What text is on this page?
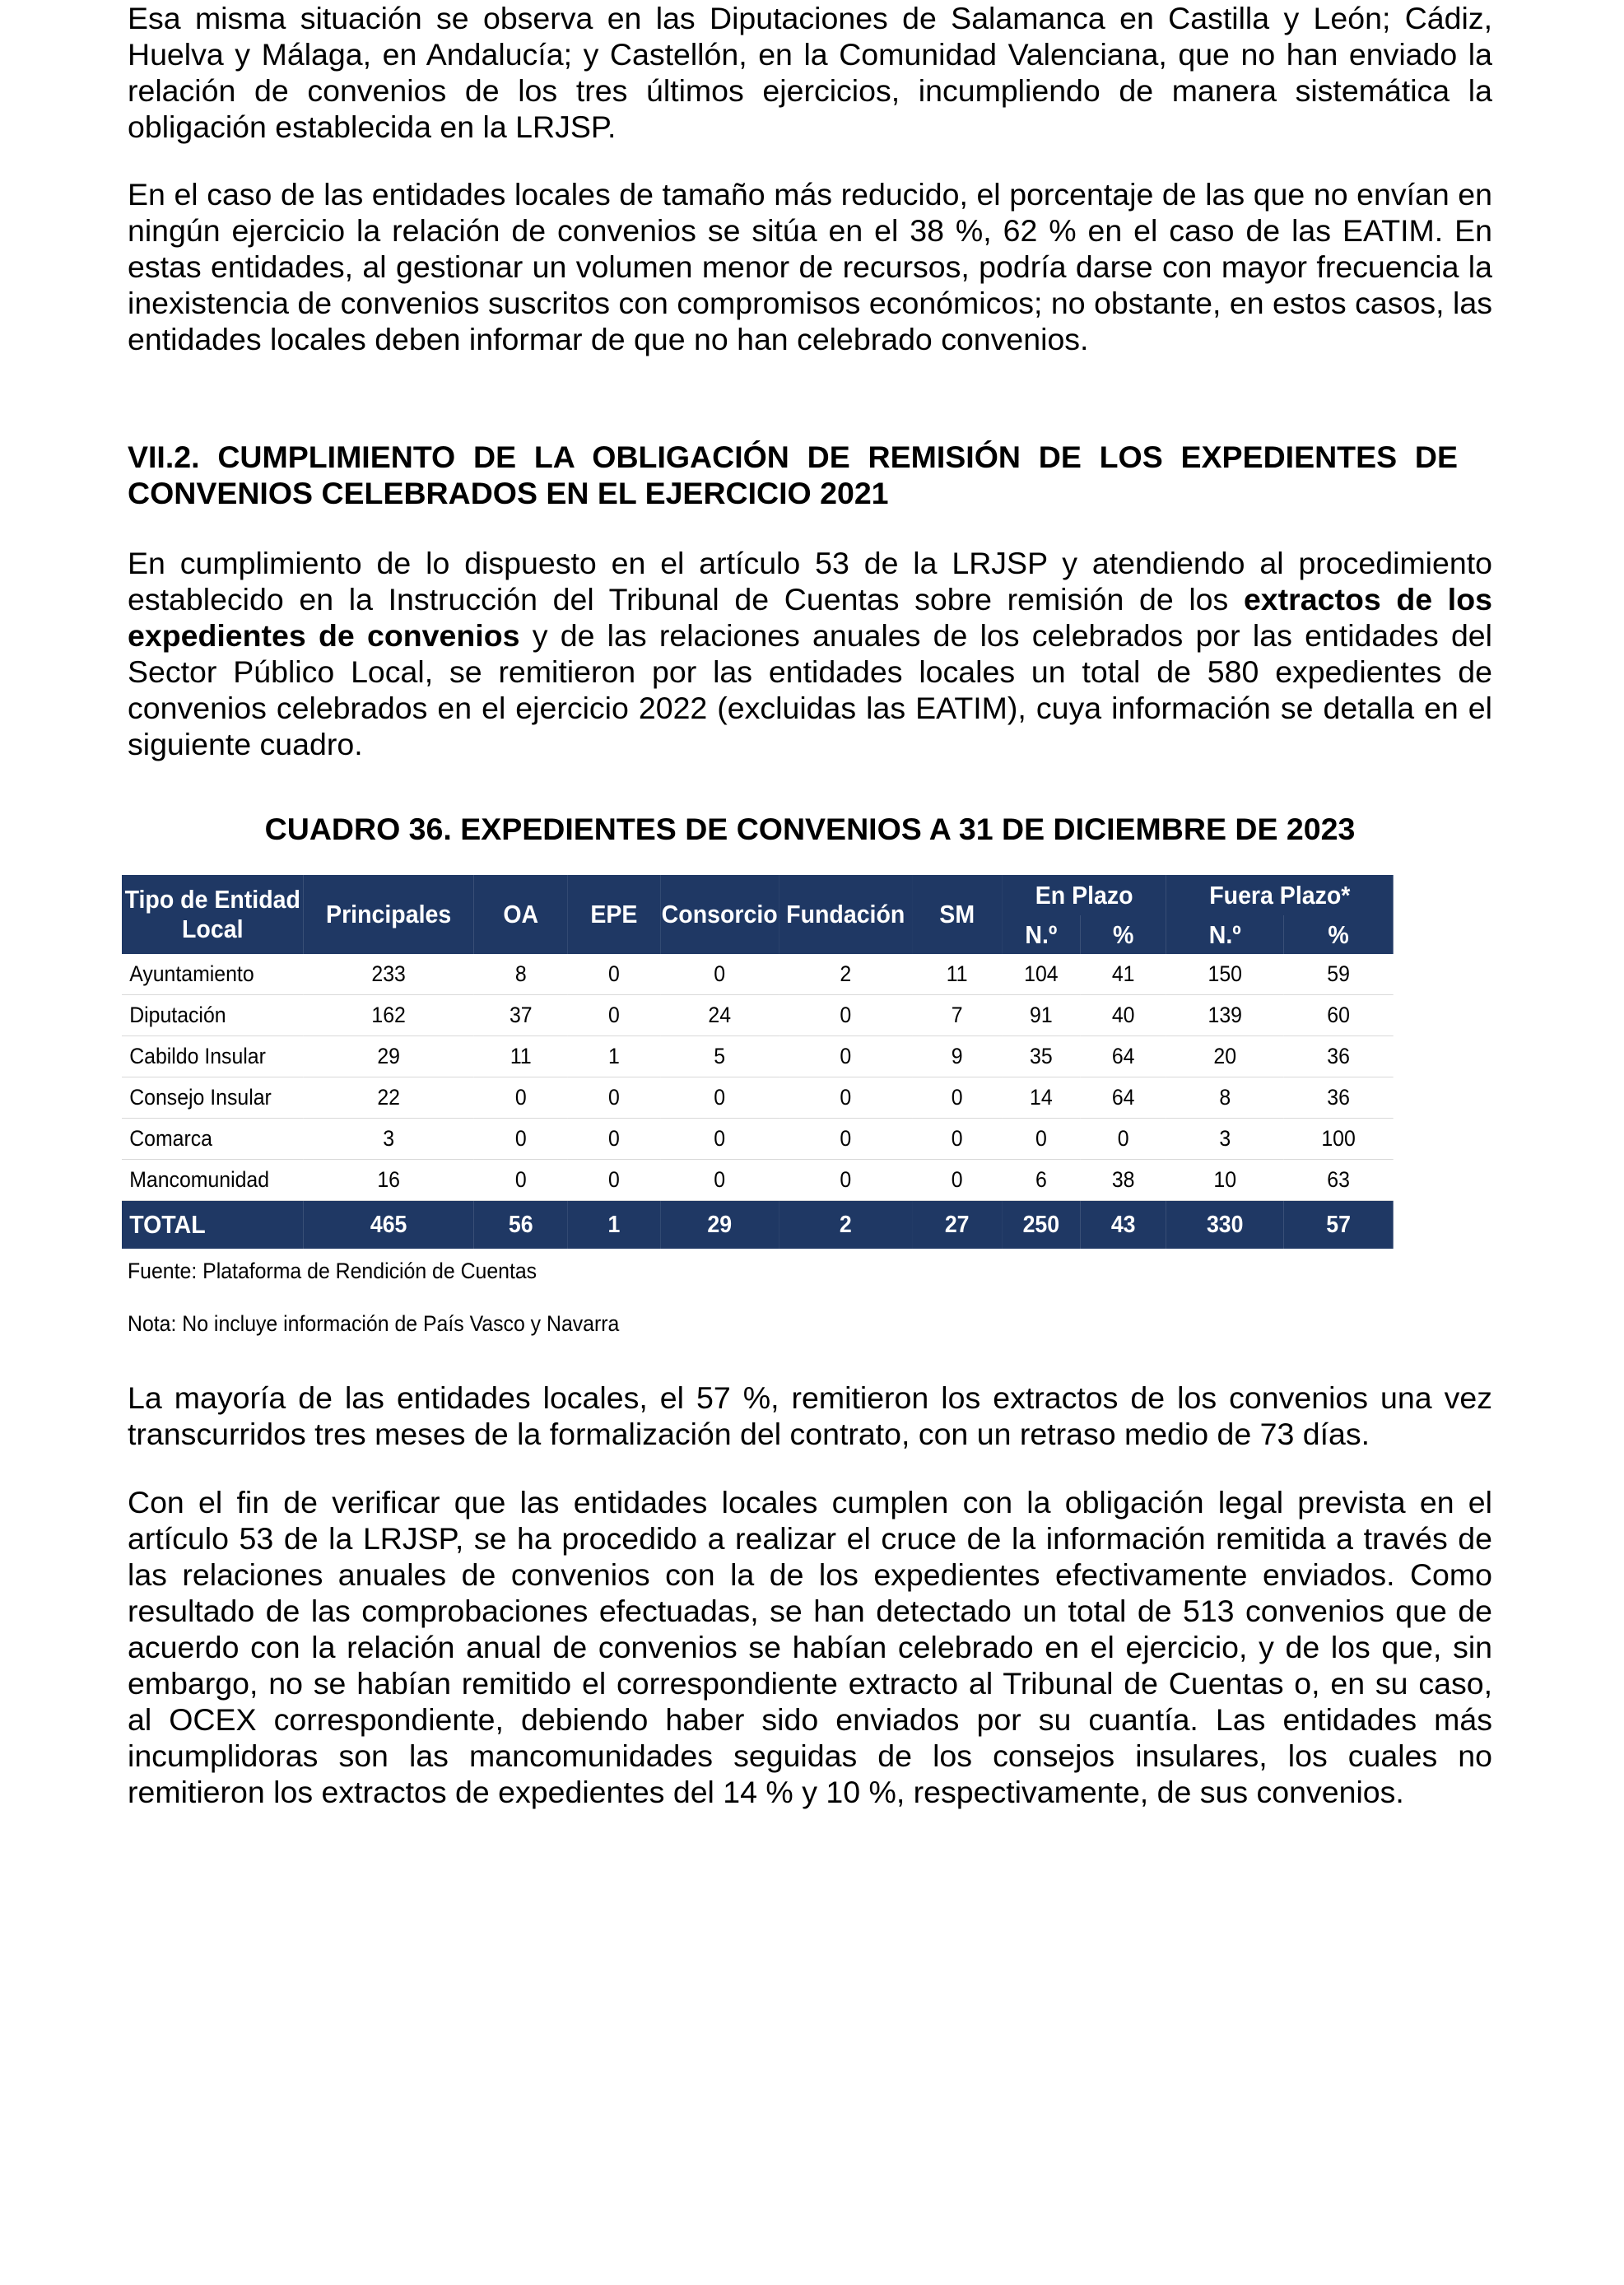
Esa misma situación se observa en las Diputaciones de Salamanca en Castilla y León; Cádiz, Huelva y Málaga, en Andalucía; y Castellón, en la Comunidad Valenciana, que no han enviado la relación de convenios de los tres últimos ejercicios, incumpliendo de manera sistemática la obligación establecida en la LRJSP.

En el caso de las entidades locales de tamaño más reducido, el porcentaje de las que no envían en ningún ejercicio la relación de convenios se sitúa en el 38 %, 62 % en el caso de las EATIM. En estas entidades, al gestionar un volumen menor de recursos, podría darse con mayor frecuencia la inexistencia de convenios suscritos con compromisos económicos; no obstante, en estos casos, las entidades locales deben informar de que no han celebrado convenios.

VII.2. CUMPLIMIENTO DE LA OBLIGACIÓN DE REMISIÓN DE LOS EXPEDIENTES DE CONVENIOS CELEBRADOS EN EL EJERCICIO 2021

En cumplimiento de lo dispuesto en el artículo 53 de la LRJSP y atendiendo al procedimiento establecido en la Instrucción del Tribunal de Cuentas sobre remisión de los extractos de los expedientes de convenios y de las relaciones anuales de los celebrados por las entidades del Sector Público Local, se remitieron por las entidades locales un total de 580 expedientes de convenios celebrados en el ejercicio 2022 (excluidas las EATIM), cuya información se detalla en el siguiente cuadro.

CUADRO 36. EXPEDIENTES DE CONVENIOS A 31 DE DICIEMBRE DE 2023

Tipo de Entidad Local	Principales	OA	EPE	Consorcio	Fundación	SM	En Plazo		Fuera Plazo*	
							N.º	%	N.º	%
Ayuntamiento	233	8	0	0	2	11	104	41	150	59
Diputación	162	37	0	24	0	7	91	40	139	60
Cabildo Insular	29	11	1	5	0	9	35	64	20	36
Consejo Insular	22	0	0	0	0	0	14	64	8	36
Comarca	3	0	0	0	0	0	0	0	3	100
Mancomunidad	16	0	0	0	0	0	6	38	10	63
TOTAL	465	56	1	29	2	27	250	43	330	57

Fuente: Plataforma de Rendición de Cuentas

Nota: No incluye información de País Vasco y Navarra

La mayoría de las entidades locales, el 57 %, remitieron los extractos de los convenios una vez transcurridos tres meses de la formalización del contrato, con un retraso medio de 73 días.

Con el fin de verificar que las entidades locales cumplen con la obligación legal prevista en el artículo 53 de la LRJSP, se ha procedido a realizar el cruce de la información remitida a través de las relaciones anuales de convenios con la de los expedientes efectivamente enviados. Como resultado de las comprobaciones efectuadas, se han detectado un total de 513 convenios que de acuerdo con la relación anual de convenios se habían celebrado en el ejercicio, y de los que, sin embargo, no se habían remitido el correspondiente extracto al Tribunal de Cuentas o, en su caso, al OCEX correspondiente, debiendo haber sido enviados por su cuantía. Las entidades más incumplidoras son las mancomunidades seguidas de los consejos insulares, los cuales no remitieron los extractos de expedientes del 14 % y 10 %, respectivamente, de sus convenios.
